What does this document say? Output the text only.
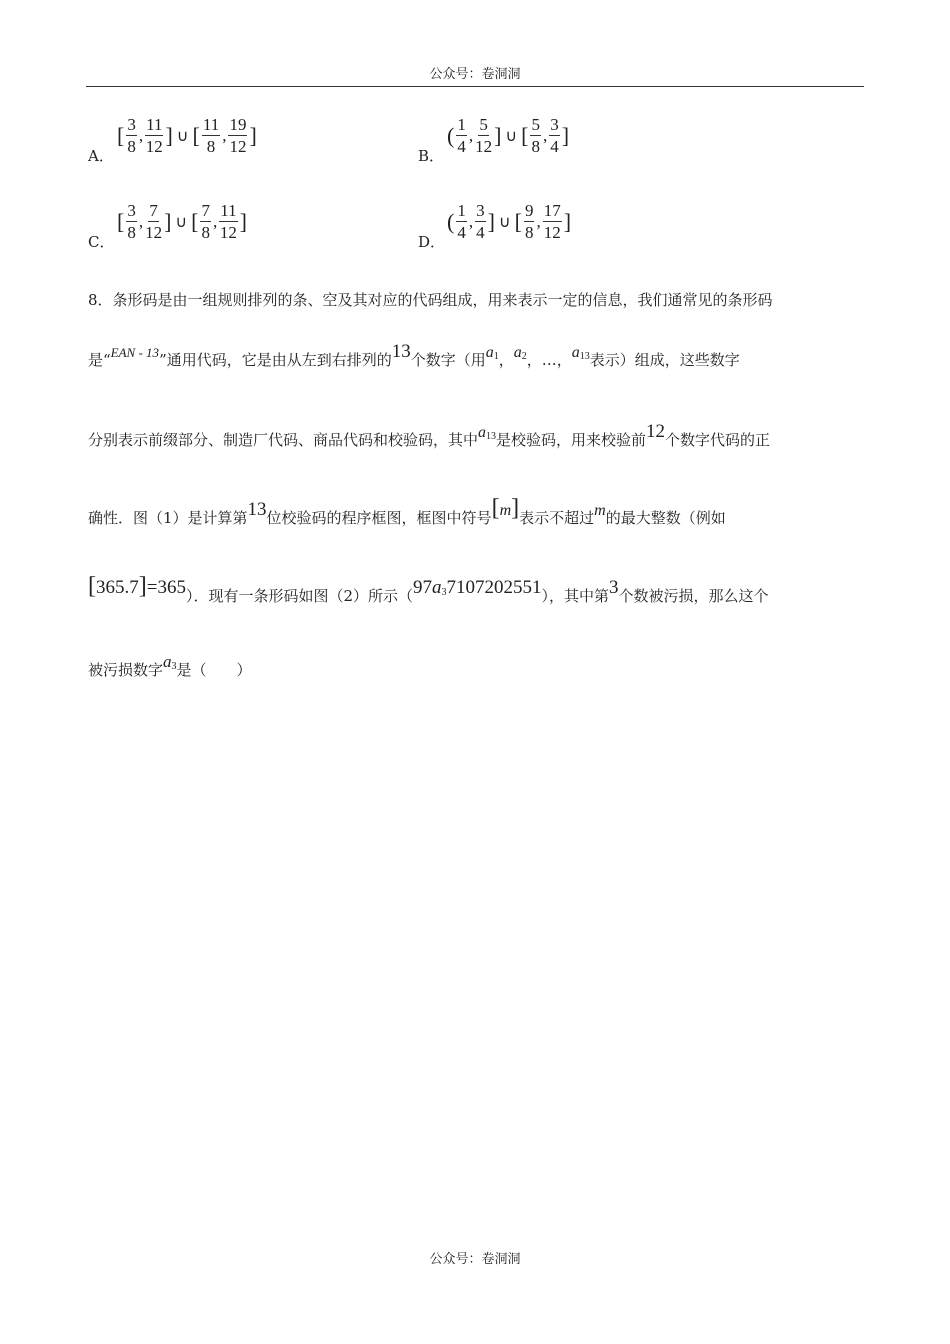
公众号：卷洞洞
A．
[ $\frac{3}{8}$ , $\frac{11}{12}$ ] ∪ [ $\frac{11}{8}$ , $\frac{19}{12}$ ]
B．
( $\frac{1}{4}$ , $\frac{5}{12}$ ] ∪ [ $\frac{5}{8}$ , $\frac{3}{4}$ ]
C．
[ $\frac{3}{8}$ , $\frac{7}{12}$ ] ∪ [ $\frac{7}{8}$ , $\frac{11}{12}$ ]
D．
( $\frac{1}{4}$ , $\frac{3}{4}$ ] ∪ [ $\frac{9}{8}$ , $\frac{17}{12}$ ]
8．条形码是由一组规则排列的条、空及其对应的代码组成，用来表示一定的信息，我们通常见的条形码
是“EAN - 13”通用代码，它是由从左到右排列的13个数字（用$a_1$，$a_2$，…，$a_{13}$表示）组成，这些数字
分别表示前缀部分、制造厂代码、商品代码和校验码，其中$a_{13}$是校验码，用来校验前12个数字代码的正
确性．图（1）是计算第13位校验码的程序框图，框图中符号[m]表示不超过m的最大整数（例如
[365.7]=365）．现有一条形码如图（2）所示$(97a_37107202551)$，其中第3个数被污损，那么这个
被污损数字$a_3$是（　　）
公众号：卷洞洞
